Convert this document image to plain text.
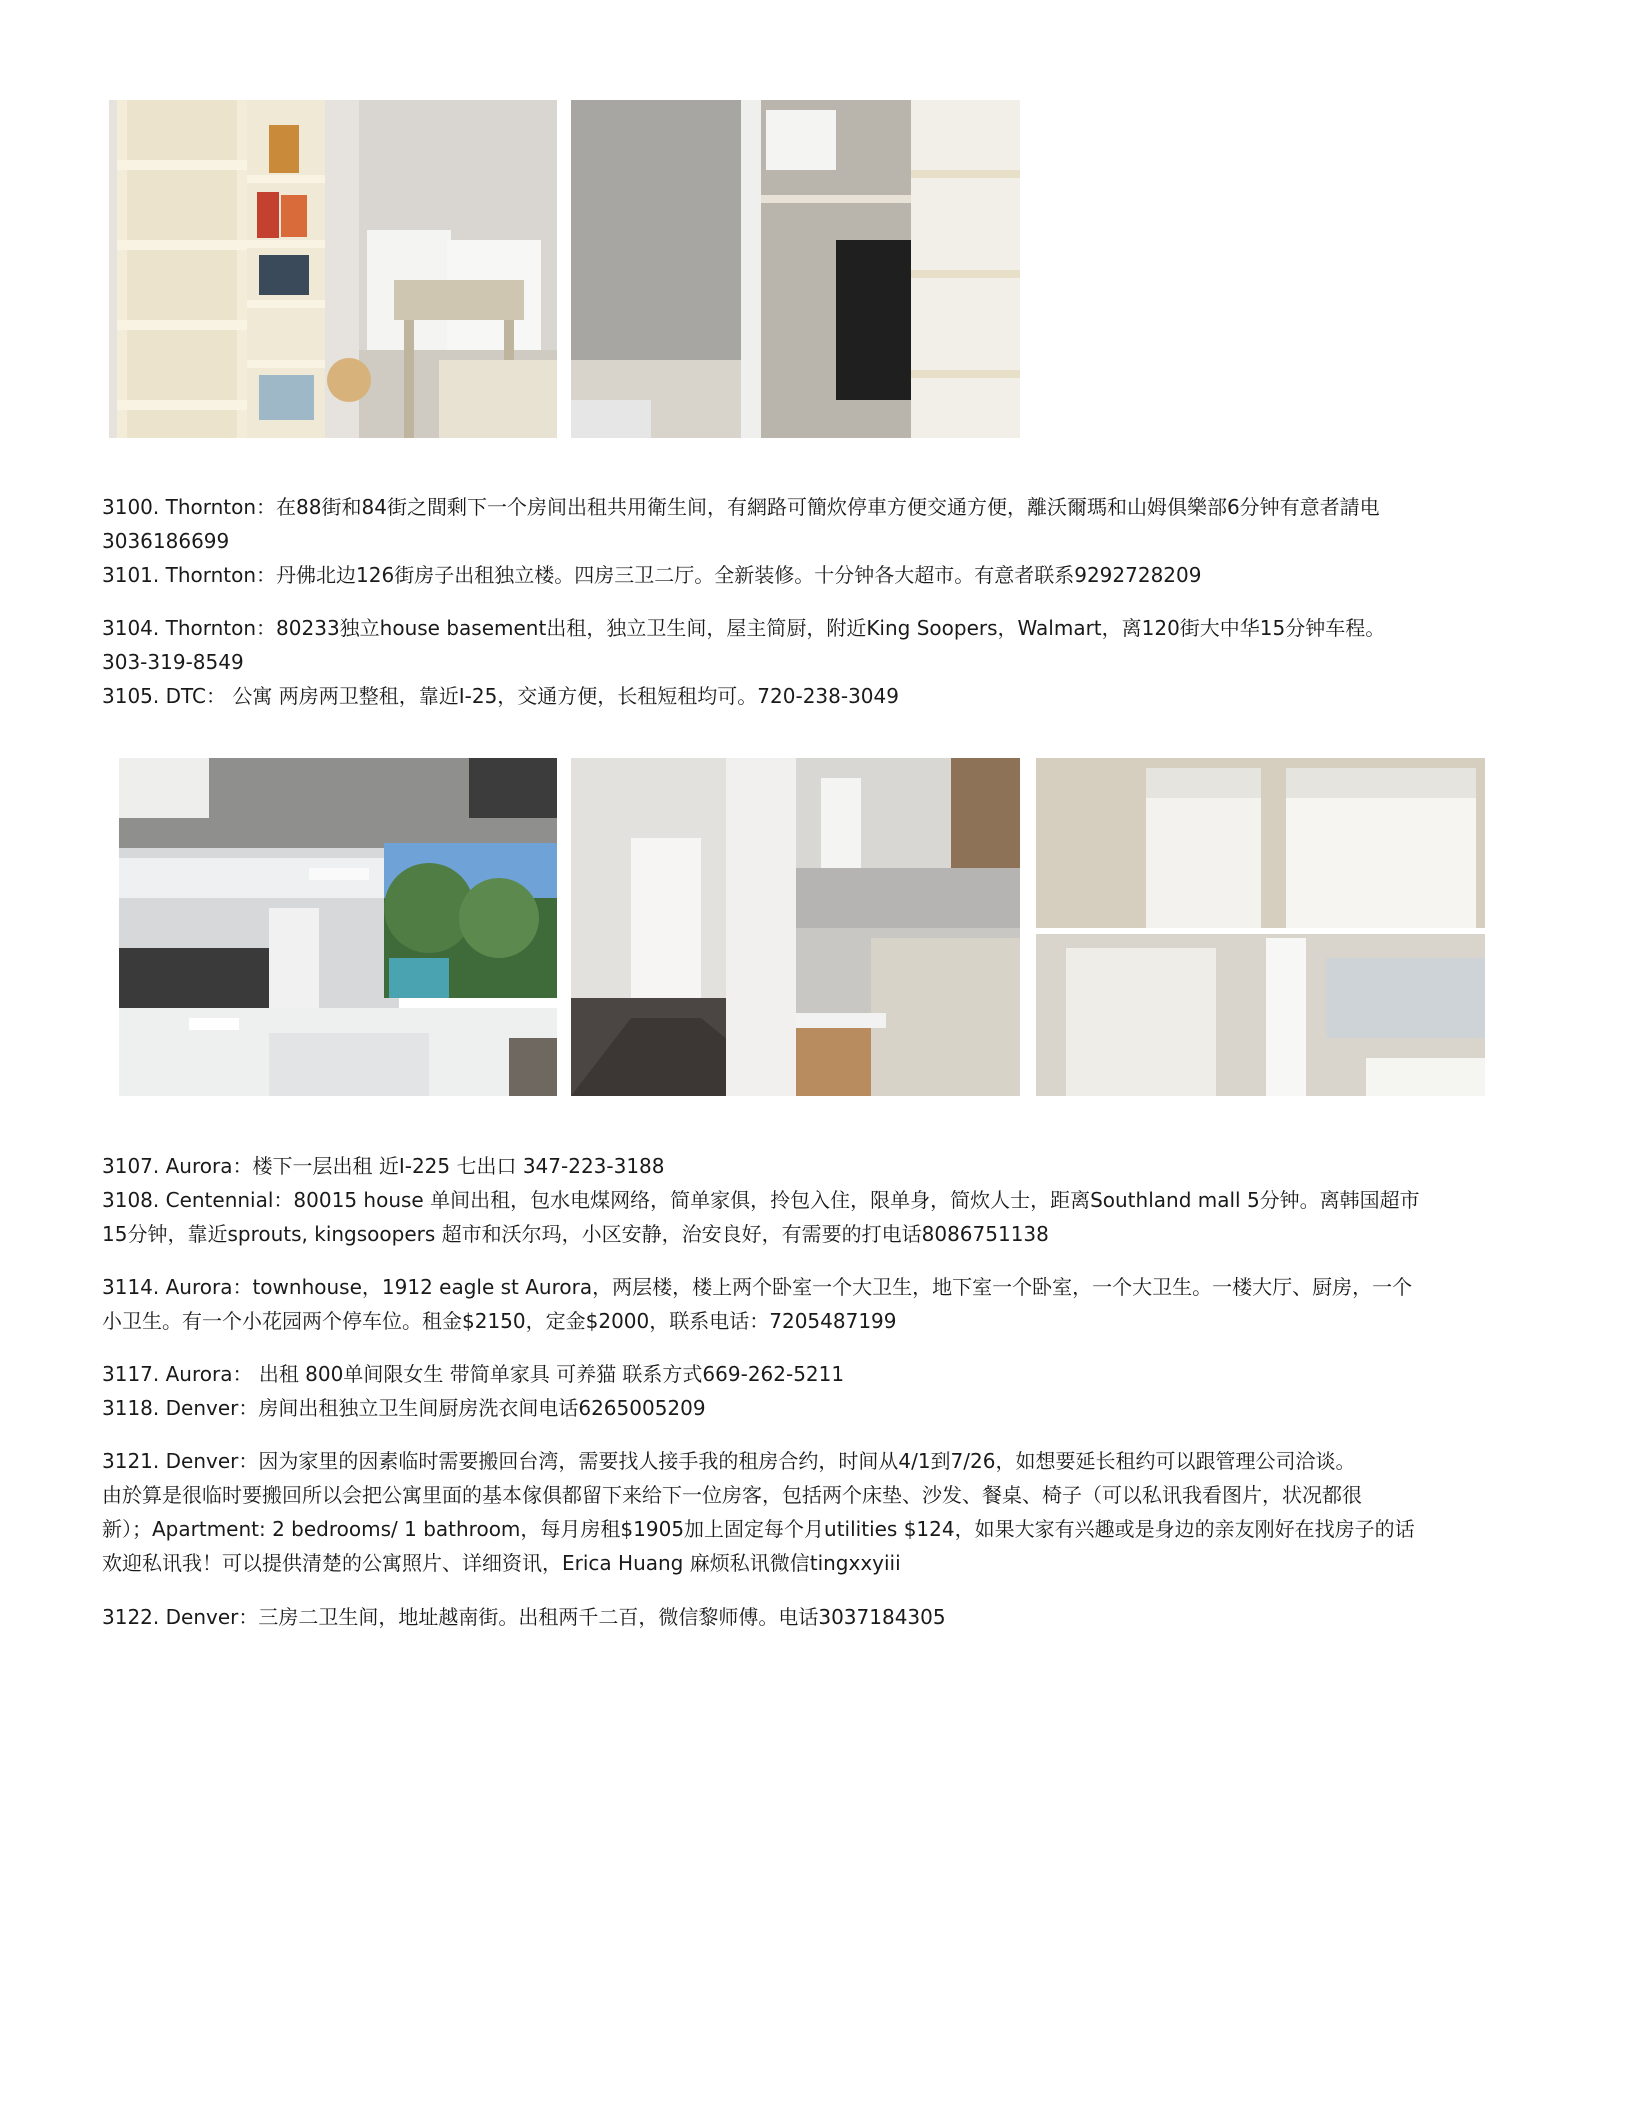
3100. Thornton：在88街和84街之間剩下一个房间出租共用衛生间，有網路可簡炊停車方便交通方便，離沃爾瑪和山姆俱樂部6分钟有意者請电
3036186699

3101. Thornton：丹佛北边126街房子出租独立楼。四房三卫二厅。全新装修。十分钟各大超市。有意者联系9292728209

3104. Thornton：80233独立house basement出租，独立卫生间，屋主简厨，附近King Soopers，Walmart，离120街大中华15分钟车程。
303-319-8549

3105. DTC： 公寓 两房两卫整租，靠近I-25，交通方便，长租短租均可。720-238-3049

3107. Aurora：楼下一层出租 近I-225 七出口 347-223-3188

3108. Centennial：80015 house 单间出租，包水电煤网络，简单家俱，拎包入住，限单身，简炊人士，距离Southland mall 5分钟。离韩国超市
15分钟，靠近sprouts, kingsoopers 超市和沃尔玛，小区安静，治安良好，有需要的打电话8086751138

3114. Aurora：townhouse，1912 eagle st Aurora，两层楼，楼上两个卧室一个大卫生，地下室一个卧室，一个大卫生。一楼大厅、厨房，一个
小卫生。有一个小花园两个停车位。租金$2150，定金$2000，联系电话：7205487199

3117. Aurora： 出租 800单间限女生 带简单家具 可养猫 联系方式669-262-5211

3118. Denver：房间出租独立卫生间厨房洗衣间电话6265005209

3121. Denver：因为家里的因素临时需要搬回台湾，需要找人接手我的租房合约，时间从4/1到7/26，如想要延长租约可以跟管理公司洽谈。
由於算是很临时要搬回所以会把公寓里面的基本傢俱都留下来给下一位房客，包括两个床垫、沙发、餐桌、椅子（可以私讯我看图片，状况都很
新）；Apartment: 2 bedrooms/ 1 bathroom，每月房租$1905加上固定每个月utilities $124，如果大家有兴趣或是身边的亲友刚好在找房子的话
欢迎私讯我！可以提供清楚的公寓照片、详细资讯，Erica Huang 麻烦私讯微信tingxxyiii

3122. Denver：三房二卫生间，地址越南街。出租两千二百，微信黎师傅。电话3037184305
